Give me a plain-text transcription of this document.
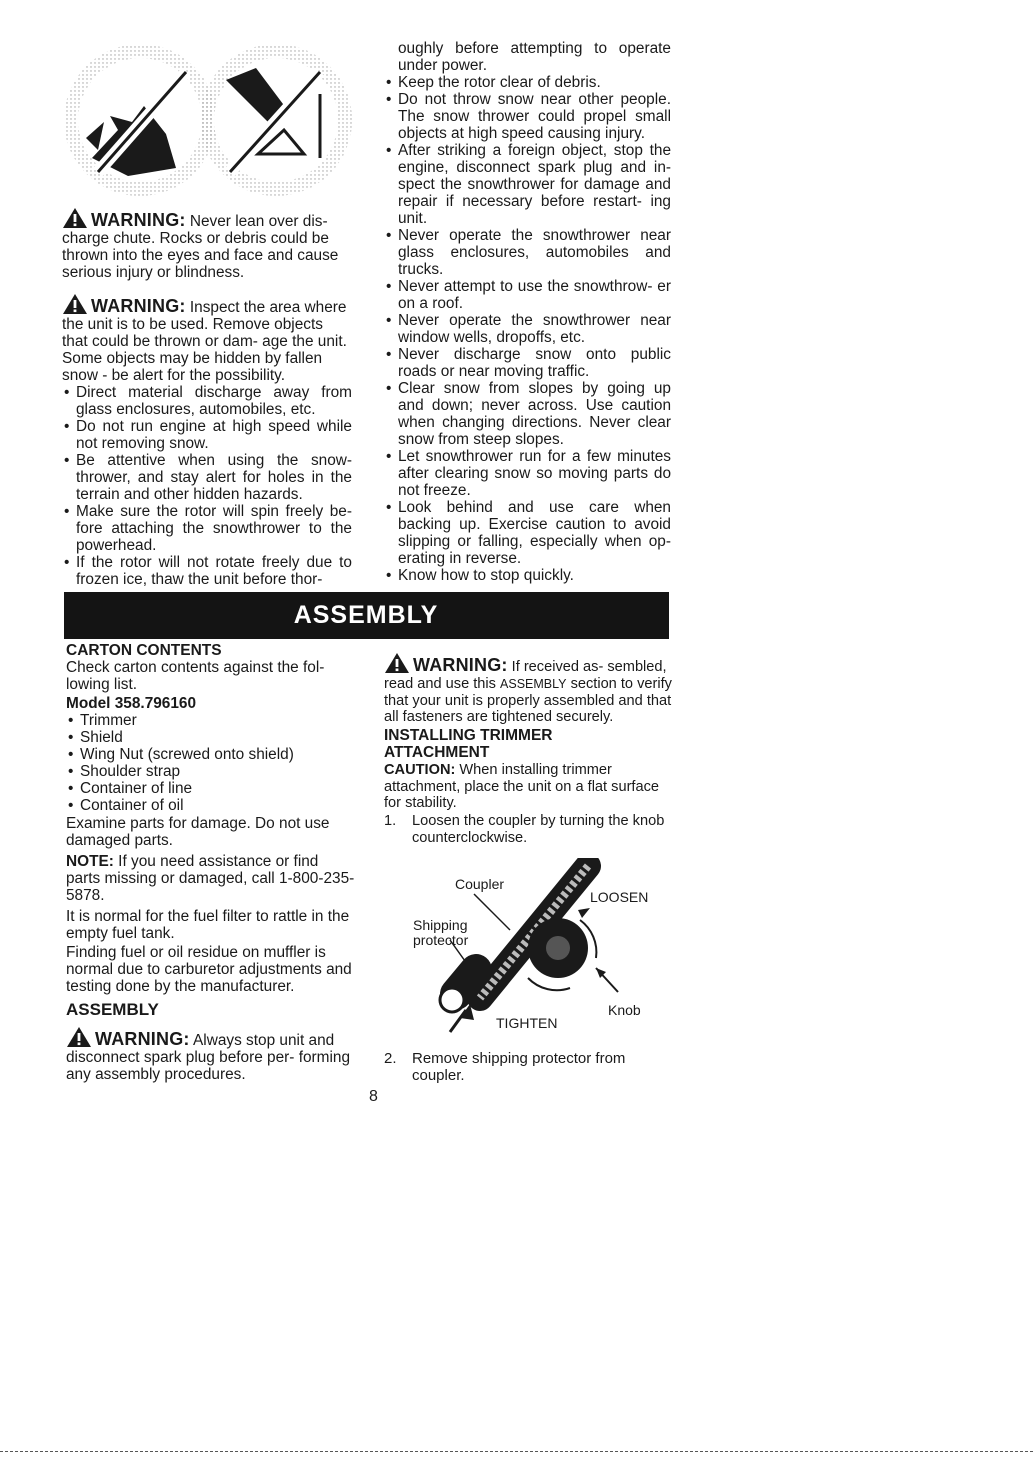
WARNING: Never lean over dis- charge chute. Rocks or debris could be thrown into the eyes and face and cause serious injury or blindness.

WARNING: Inspect the area where the unit is to be used. Remove objects that could be thrown or dam- age the unit. Some objects may be hidden by fallen snow - be alert for the possibility.

• Direct material discharge away from glass enclosures, automobiles, etc.
• Do not run engine at high speed while not removing snow.
• Be attentive when using the snow- thrower, and stay alert for holes in the terrain and other hidden hazards.
• Make sure the rotor will spin freely be- fore attaching the snowthrower to the powerhead.
• If the rotor will not rotate freely due to frozen ice, thaw the unit before thor-

oughly before attempting to operate under power.

• Keep the rotor clear of debris.
• Do not throw snow near other people. The snow thrower could propel small objects at high speed causing injury.
• After striking a foreign object, stop the engine, disconnect spark plug and in- spect the snowthrower for damage and repair if necessary before restart- ing unit.
• Never operate the snowthrower near glass enclosures, automobiles and trucks.
• Never attempt to use the snowthrow- er on a roof.
• Never operate the snowthrower near window wells, dropoffs, etc.
• Never discharge snow onto public roads or near moving traffic.
• Clear snow from slopes by going up and down; never across. Use caution when changing directions. Never clear snow from steep slopes.
• Let snowthrower run for a few minutes after clearing snow so moving parts do not freeze.
• Look behind and use care when backing up. Exercise caution to avoid slipping or falling, especially when op- erating in reverse.
• Know how to stop quickly.
ASSEMBLY

CARTON CONTENTS

Check carton contents against the fol- lowing list.

Model 358.796160

• Trimmer
• Shield
• Wing Nut (screwed onto shield)
• Shoulder strap
• Container of line
• Container of oil

Examine parts for damage. Do not use damaged parts.

NOTE: If you need assistance or find parts missing or damaged, call 1-800-235-5878.

It is normal for the fuel filter to rattle in the empty fuel tank.

Finding fuel or oil residue on muffler is normal due to carburetor adjustments and testing done by the manufacturer.

ASSEMBLY

WARNING: Always stop unit and disconnect spark plug before per- forming any assembly procedures.

WARNING: If received as- sembled, read and use this ASSEMBLY section to verify that your unit is properly assembled and that all fasteners are tightened securely.

INSTALLING TRIMMER
ATTACHMENT

CAUTION: When installing trimmer attachment, place the unit on a flat surface for stability.

1.	Loosen the coupler by turning the knob counterclockwise.
Coupler
LOOSEN
Shipping
protector
TIGHTEN
Knob
2.	Remove shipping protector from coupler.
8
